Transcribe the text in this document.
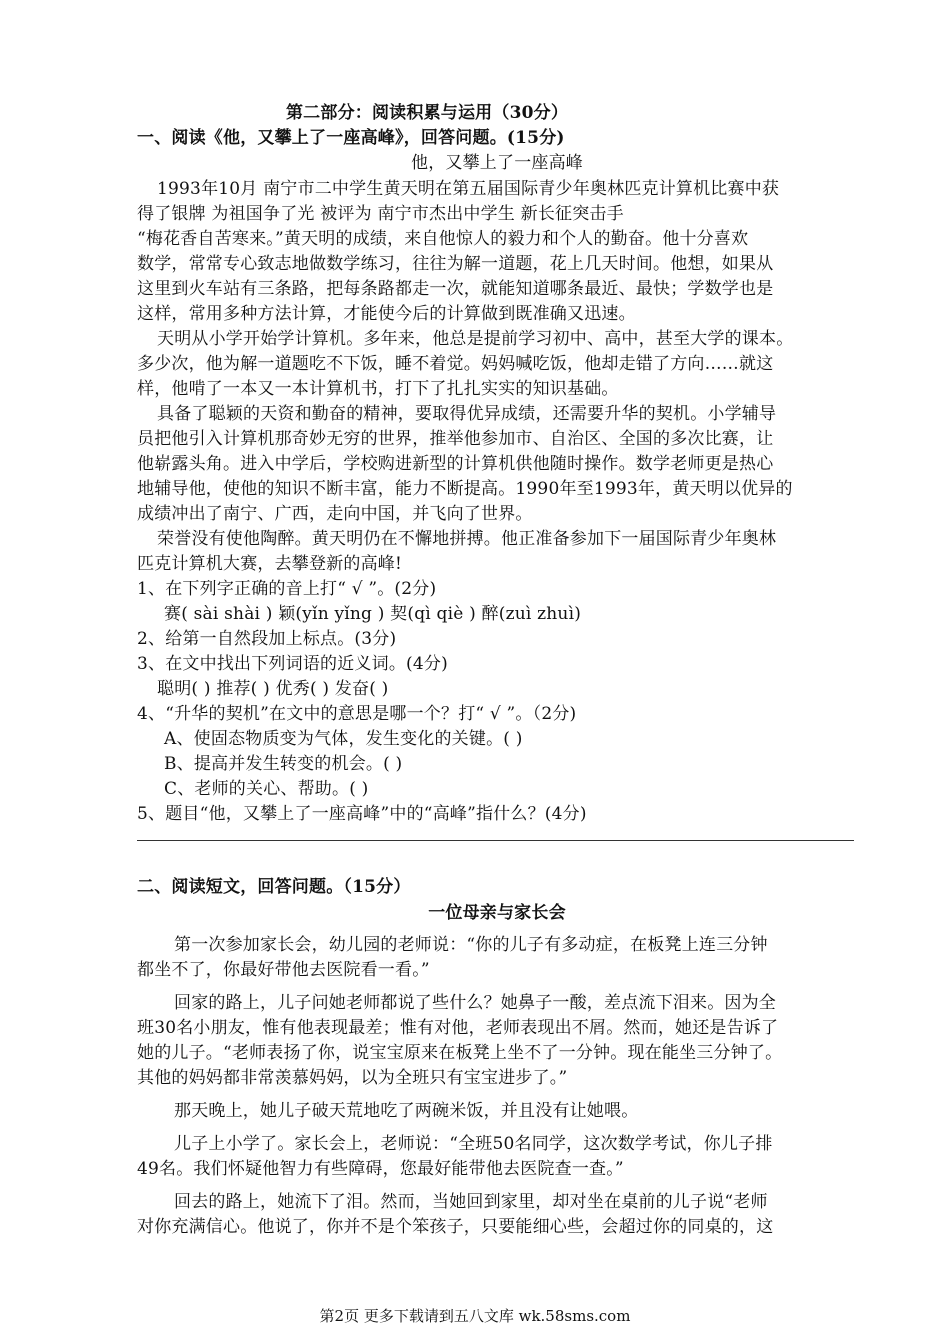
第二部分：阅读积累与运用（30分）
一、阅读《他，又攀上了一座高峰》，回答问题。(15分)
他，又攀上了一座高峰
1993年10月 南宁市二中学生黄天明在第五届国际青少年奥林匹克计算机比赛中获
得了银牌 为祖国争了光 被评为 南宁市杰出中学生 新长征突击手
“梅花香自苦寒来。”黄天明的成绩，来自他惊人的毅力和个人的勤奋。他十分喜欢
数学，常常专心致志地做数学练习，往往为解一道题，花上几天时间。他想，如果从
这里到火车站有三条路，把每条路都走一次，就能知道哪条最近、最快；学数学也是
这样，常用多种方法计算，才能使今后的计算做到既准确又迅速。
天明从小学开始学计算机。多年来，他总是提前学习初中、高中，甚至大学的课本。
多少次，他为解一道题吃不下饭，睡不着觉。妈妈喊吃饭，他却走错了方向……就这
样，他啃了一本又一本计算机书，打下了扎扎实实的知识基础。
具备了聪颖的天资和勤奋的精神，要取得优异成绩，还需要升华的契机。小学辅导
员把他引入计算机那奇妙无穷的世界，推举他参加市、自治区、全国的多次比赛，让
他崭露头角。进入中学后，学校购进新型的计算机供他随时操作。数学老师更是热心
地辅导他，使他的知识不断丰富，能力不断提高。1990年至1993年，黄天明以优异的
成绩冲出了南宁、广西，走向中国，并飞向了世界。
荣誉没有使他陶醉。黄天明仍在不懈地拼搏。他正准备参加下一届国际青少年奥林
匹克计算机大赛，去攀登新的高峰!
1、在下列字正确的音上打“ √ ”。(2分)
赛( sài shài ) 颖(yǐn yǐng ) 契(qì qiè ) 醉(zuì zhuì)
2、给第一自然段加上标点。(3分)
3、在文中找出下列词语的近义词。(4分)
聪明( ) 推荐( ) 优秀( ) 发奋( )
4、“升华的契机”在文中的意思是哪一个？打“ √ ”。（2分)
A、使固态物质变为气体，发生变化的关键。( )
B、提高并发生转变的机会。( )
C、老师的关心、帮助。( )
5、题目“他，又攀上了一座高峰”中的“高峰”指什么？(4分)
二、阅读短文，回答问题。（15分）
一位母亲与家长会
第一次参加家长会，幼儿园的老师说：“你的儿子有多动症，在板凳上连三分钟
都坐不了，你最好带他去医院看一看。”
回家的路上，儿子问她老师都说了些什么？她鼻子一酸，差点流下泪来。因为全
班30名小朋友，惟有他表现最差；惟有对他，老师表现出不屑。然而，她还是告诉了
她的儿子。“老师表扬了你，说宝宝原来在板凳上坐不了一分钟。现在能坐三分钟了。
其他的妈妈都非常羡慕妈妈，以为全班只有宝宝进步了。”
那天晚上，她儿子破天荒地吃了两碗米饭，并且没有让她喂。
儿子上小学了。家长会上，老师说：“全班50名同学，这次数学考试，你儿子排
49名。我们怀疑他智力有些障碍，您最好能带他去医院查一查。”
回去的路上，她流下了泪。然而，当她回到家里，却对坐在桌前的儿子说“老师
对你充满信心。他说了，你并不是个笨孩子，只要能细心些，会超过你的同桌的，这
第2页 更多下载请到五八文库 wk.58sms.com
